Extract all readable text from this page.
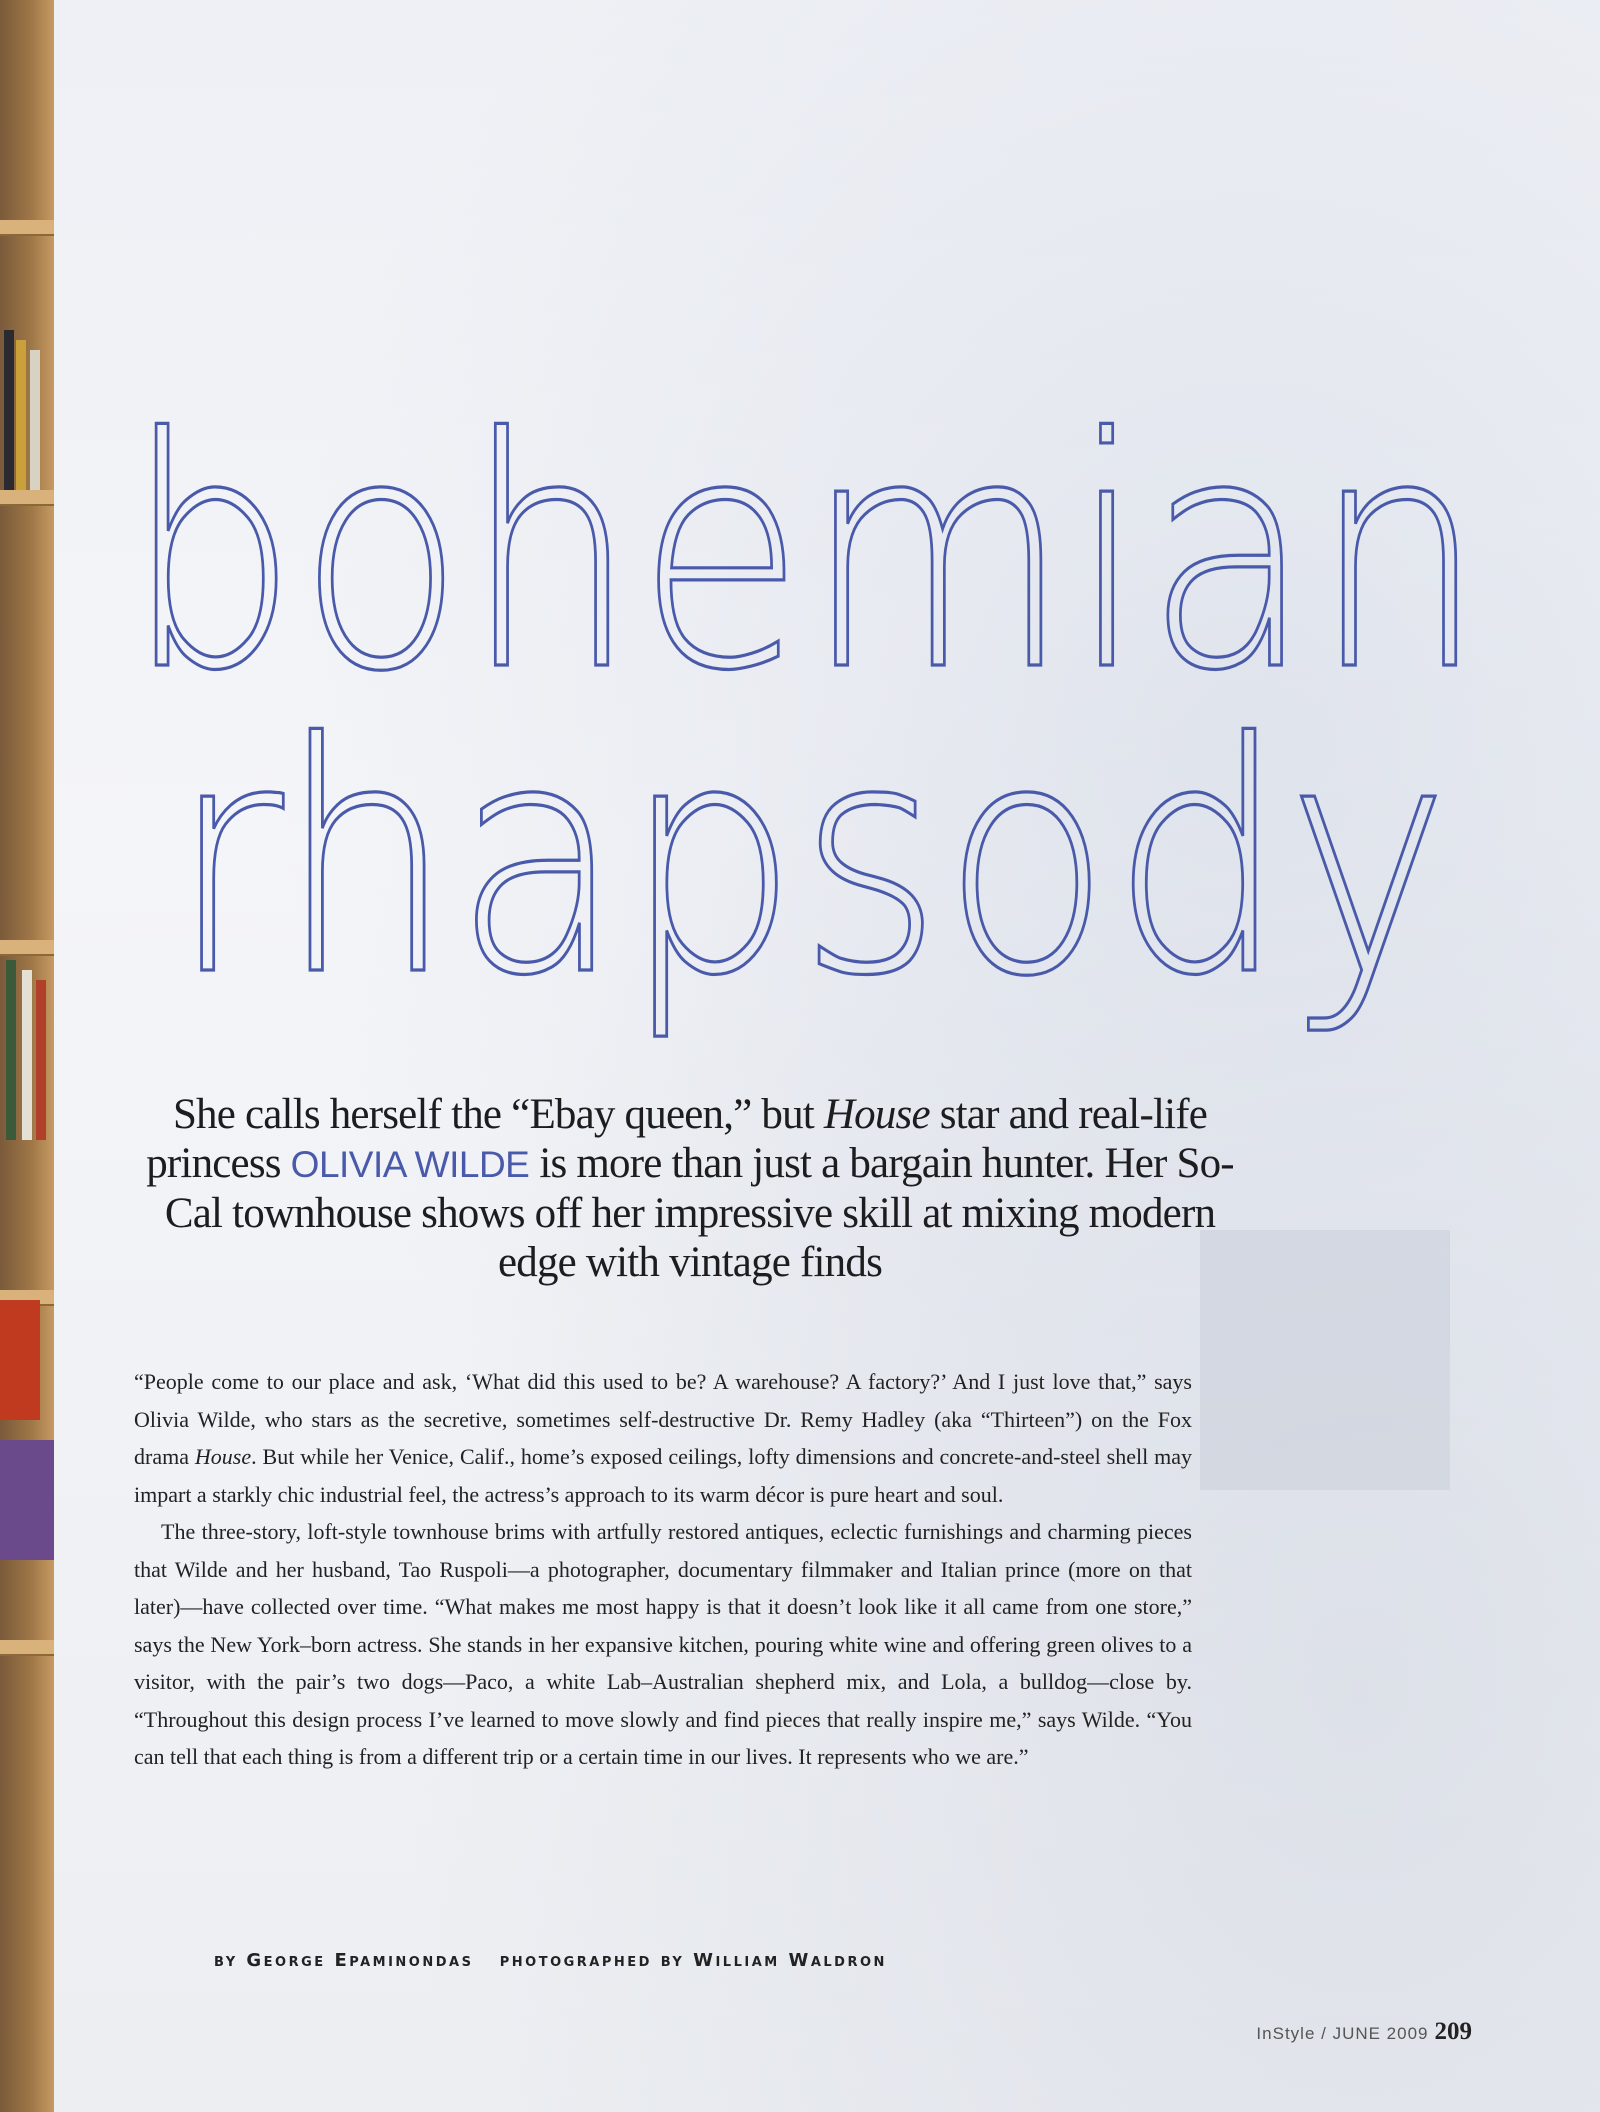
bohemian
rhapsody
She calls herself the “Ebay queen,” but House star and real-life princess OLIVIA WILDE is more than just a bargain hunter. Her So-Cal townhouse shows off her impressive skill at mixing modern edge with vintage finds

“People come to our place and ask, ‘What did this used to be? A warehouse? A factory?’ And I just love that,” says Olivia Wilde, who stars as the secretive, sometimes self-destructive Dr. Remy Hadley (aka “Thirteen”) on the Fox drama House. But while her Venice, Calif., home’s exposed ceilings, lofty dimensions and concrete-and-steel shell may impart a starkly chic industrial feel, the actress’s approach to its warm décor is pure heart and soul.

The three-story, loft-style townhouse brims with artfully restored antiques, eclectic furnishings and charming pieces that Wilde and her husband, Tao Ruspoli—a photographer, documentary filmmaker and Italian prince (more on that later)—have collected over time. “What makes me most happy is that it doesn’t look like it all came from one store,” says the New York–born actress. She stands in her expansive kitchen, pouring white wine and offering green olives to a visitor, with the pair’s two dogs—Paco, a white Lab–Australian shepherd mix, and Lola, a bulldog—close by. “Throughout this design process I’ve learned to move slowly and find pieces that really inspire me,” says Wilde. “You can tell that each thing is from a different trip or a certain time in our lives. It represents who we are.”

by George Epaminondas photographed by William Waldron
InStyle / JUNE 2009 209
